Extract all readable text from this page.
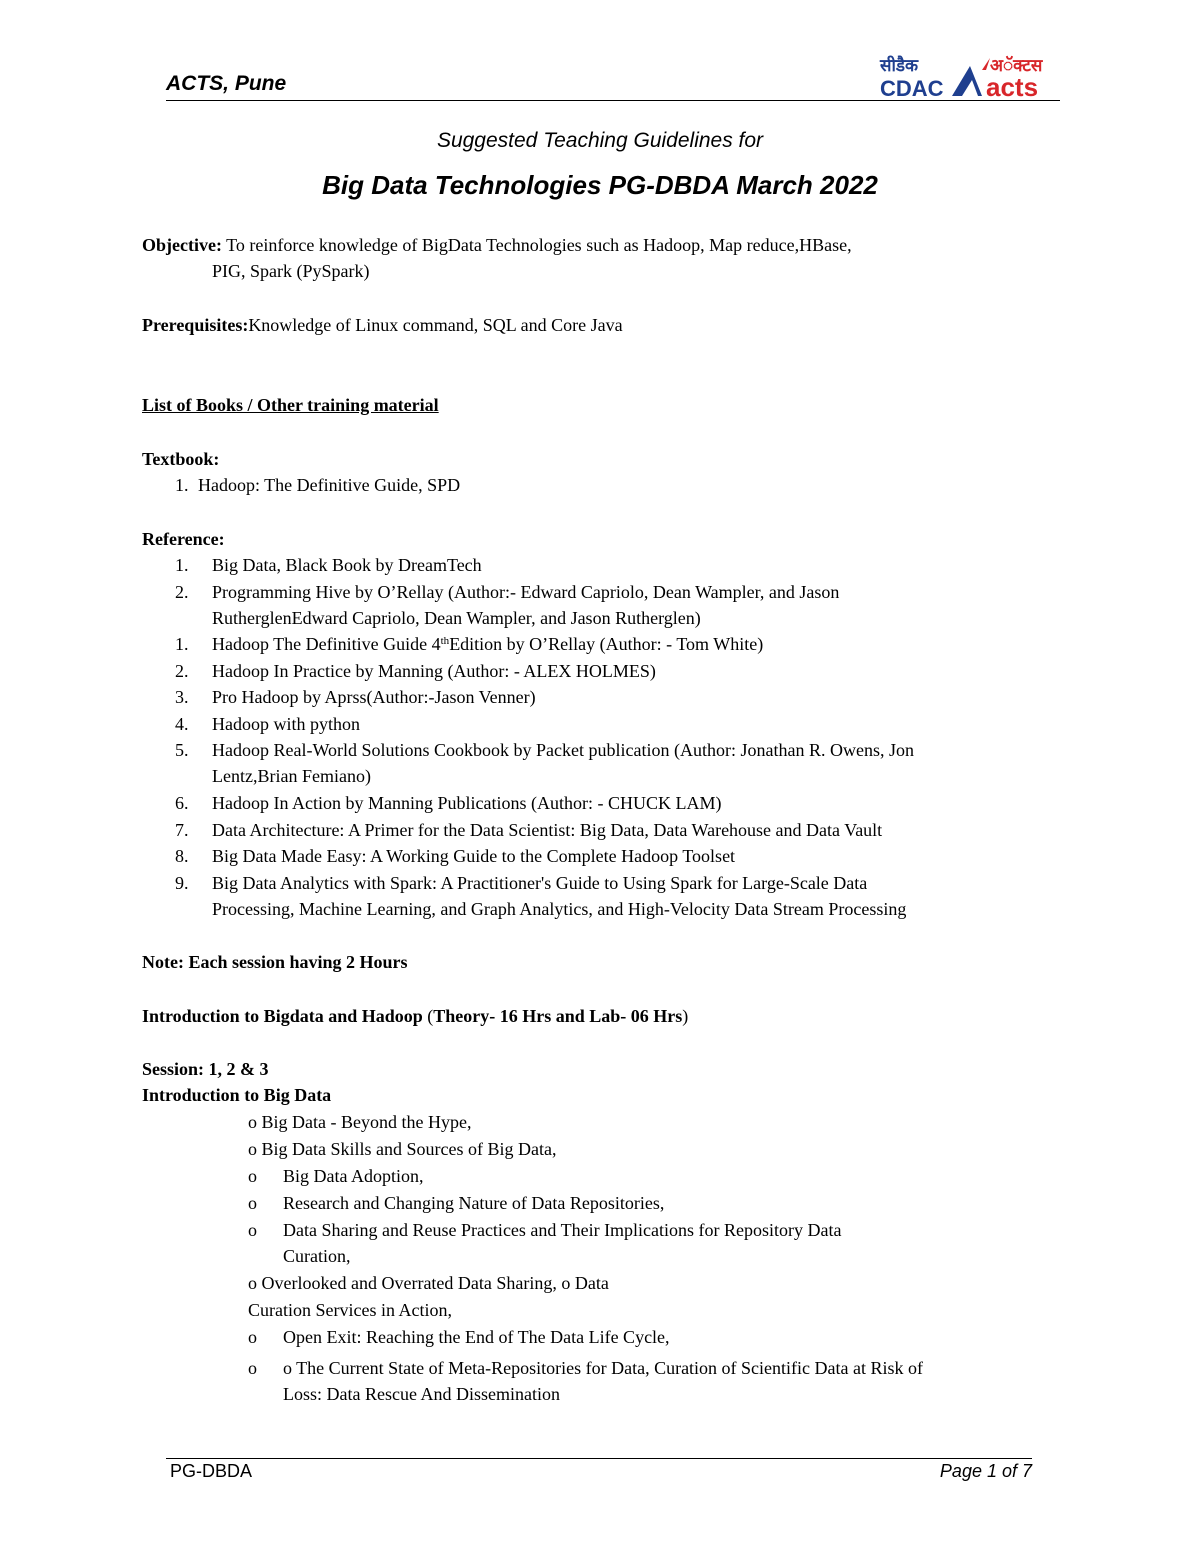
ACTS, Pune
सीडैक
CDAC
अॅक्टस
acts
Suggested Teaching Guidelines for
Big Data Technologies PG-DBDA March 2022
Objective: To reinforce knowledge of BigData Technologies such as Hadoop, Map reduce,HBase,
PIG, Spark (PySpark)
Prerequisites:Knowledge of Linux command, SQL and Core Java
List of Books / Other training material
Textbook:
1. Hadoop: The Definitive Guide, SPD
Reference:
1. Big Data, Black Book by DreamTech
2. Programming Hive by O’Rellay (Author:- Edward Capriolo, Dean Wampler, and Jason
RutherglenEdward Capriolo, Dean Wampler, and Jason Rutherglen)
1. Hadoop The Definitive Guide 4thEdition by O’Rellay (Author: - Tom White)
2. Hadoop In Practice by Manning (Author: - ALEX HOLMES)
3. Pro Hadoop by Aprss(Author:-Jason Venner)
4. Hadoop with python
5. Hadoop Real-World Solutions Cookbook by Packet publication (Author: Jonathan R. Owens, Jon
Lentz,Brian Femiano)
6. Hadoop In Action by Manning Publications (Author: - CHUCK LAM)
7. Data Architecture: A Primer for the Data Scientist: Big Data, Data Warehouse and Data Vault
8. Big Data Made Easy: A Working Guide to the Complete Hadoop Toolset
9. Big Data Analytics with Spark: A Practitioner's Guide to Using Spark for Large-Scale Data
Processing, Machine Learning, and Graph Analytics, and High-Velocity Data Stream Processing
Note: Each session having 2 Hours
Introduction to Bigdata and Hadoop (Theory- 16 Hrs and Lab- 06 Hrs)
Session: 1, 2 & 3
Introduction to Big Data
o Big Data - Beyond the Hype,
o Big Data Skills and Sources of Big Data,
o Big Data Adoption,
o Research and Changing Nature of Data Repositories,
o Data Sharing and Reuse Practices and Their Implications for Repository Data
Curation,
o Overlooked and Overrated Data Sharing, o Data
Curation Services in Action,
o Open Exit: Reaching the End of The Data Life Cycle,
o o The Current State of Meta-Repositories for Data, Curation of Scientific Data at Risk of
Loss: Data Rescue And Dissemination
PG-DBDA	Page 1 of 7
